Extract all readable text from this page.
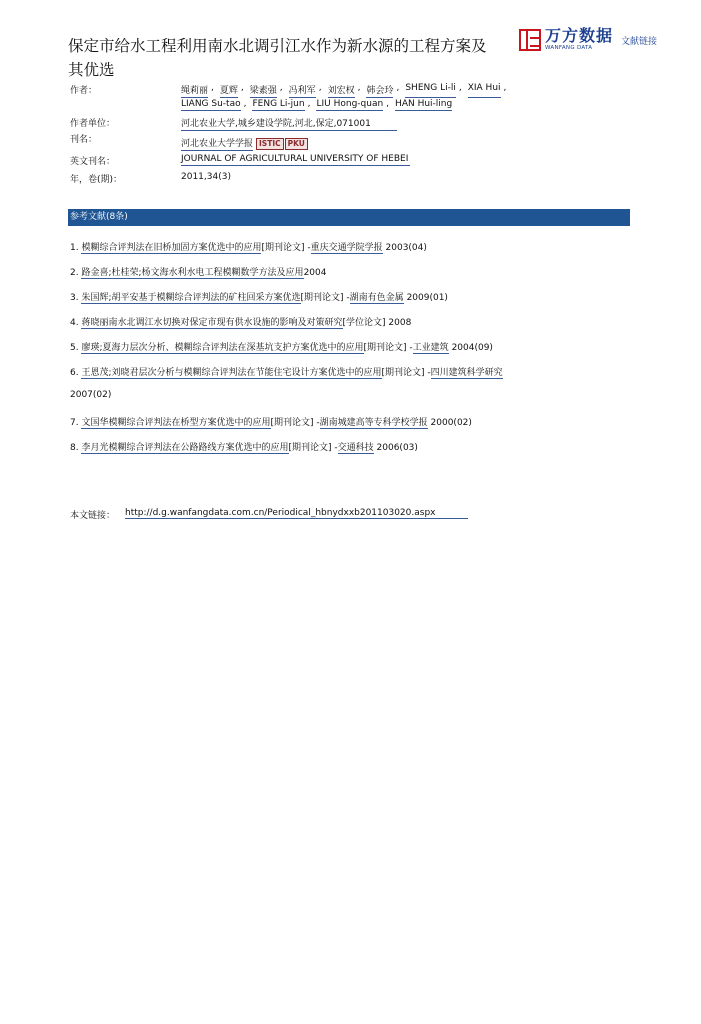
保定市给水工程利用南水北调引江水作为新水源的工程方案及其优选
万方数据
WANFANG DATA
文献链接
作者：	绳莉丽 , 夏辉 , 梁素强 , 冯利军 , 刘宏权 , 韩会玲 , SHENG Li-li , XIA Hui ,
LIANG Su-tao , FENG Li-jun , LIU Hong-quan , HAN Hui-ling
作者单位：	河北农业大学,城乡建设学院,河北,保定,071001
刊名：	河北农业大学学报 ISTIC PKU
英文刊名：	JOURNAL OF AGRICULTURAL UNIVERSITY OF HEBEI
年，卷(期)：	2011,34(3)
参考文献(8条)
1. 模糊综合评判法在旧桥加固方案优选中的应用[期刊论文] -重庆交通学院学报 2003(04)
2. 路金喜;杜桂荣;杨文海水利水电工程模糊数学方法及应用2004
3. 朱国辉;胡平安基于模糊综合评判法的矿柱回采方案优选[期刊论文] -湖南有色金属 2009(01)
4. 蒋晓丽南水北调江水切换对保定市现有供水设施的影响及对策研究[学位论文] 2008
5. 廖瑛;夏海力层次分析、模糊综合评判法在深基坑支护方案优选中的应用[期刊论文] -工业建筑 2004(09)
6. 王恩茂;刘晓君层次分析与模糊综合评判法在节能住宅设计方案优选中的应用[期刊论文] -四川建筑科学研究
2007(02)
7. 文国华模糊综合评判法在桥型方案优选中的应用[期刊论文] -湖南城建高等专科学校学报 2000(02)
8. 李月光模糊综合评判法在公路路线方案优选中的应用[期刊论文] -交通科技 2006(03)
本文链接： http://d.g.wanfangdata.com.cn/Periodical_hbnydxxb201103020.aspx
